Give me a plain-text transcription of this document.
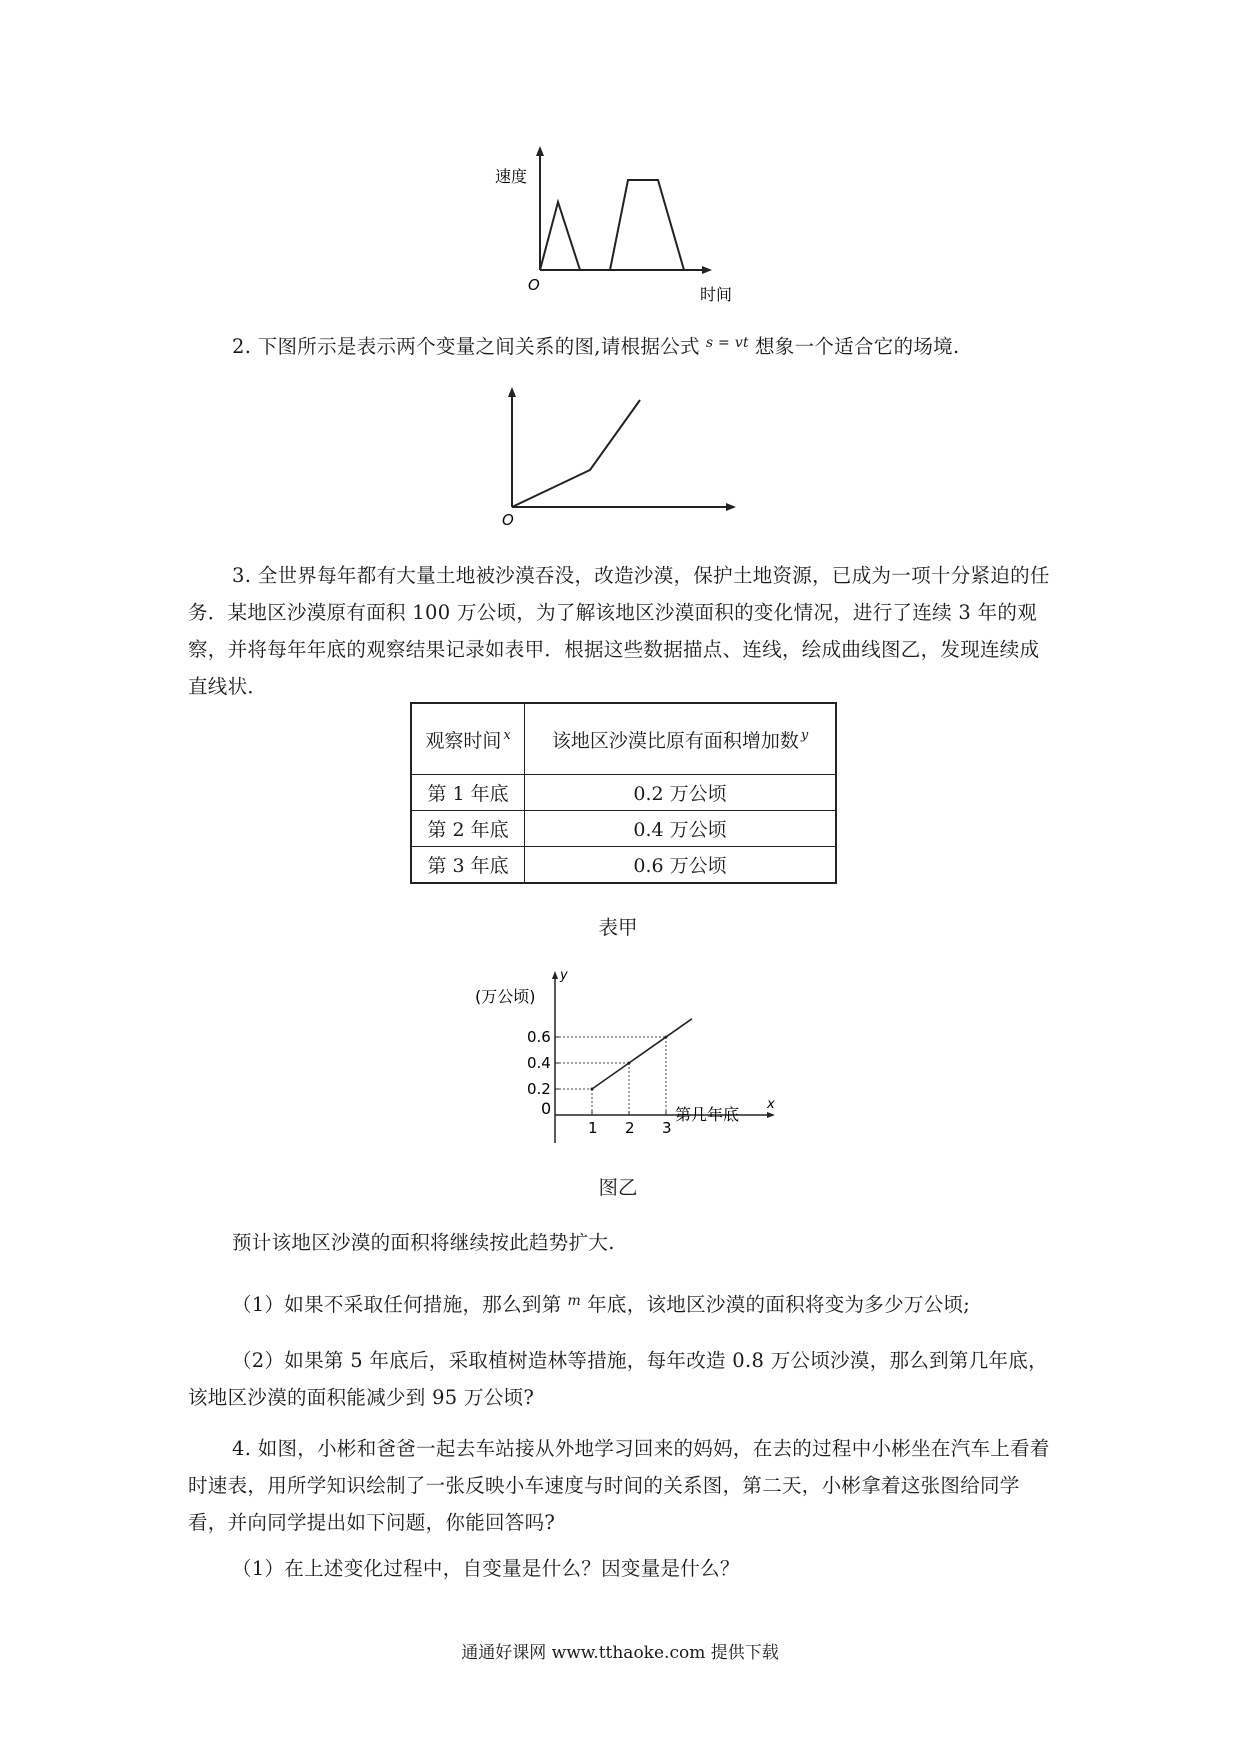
速度
O	时间
2. 下图所示是表示两个变量之间关系的图,请根据公式 $^{s = vt}$ 想象一个适合它的场境.
O
3. 全世界每年都有大量土地被沙漠吞没，改造沙漠，保护土地资源，已成为一项十分紧迫的任务．某地区沙漠原有面积 100 万公顷，为了解该地区沙漠面积的变化情况，进行了连续 3 年的观察，并将每年年底的观察结果记录如表甲．根据这些数据描点、连线，绘成曲线图乙，发现连续成直线状．
观察时间 $^x$	该地区沙漠比原有面积增加数 $^y$
第 1 年底	0.2 万公顷
第 2 年底	0.4 万公顷
第 3 年底	0.6 万公顷
表甲
y
x
(万公顷)
0	第几年底
1 2 3
0.2
0.4
0.6
图乙
预计该地区沙漠的面积将继续按此趋势扩大.
（1）如果不采取任何措施，那么到第 $^m$ 年底，该地区沙漠的面积将变为多少万公顷;
（2）如果第 5 年底后，采取植树造林等措施，每年改造 0.8 万公顷沙漠，那么到第几年底，该地区沙漠的面积能减少到 95 万公顷?
4. 如图，小彬和爸爸一起去车站接从外地学习回来的妈妈，在去的过程中小彬坐在汽车上看着时速表，用所学知识绘制了一张反映小车速度与时间的关系图，第二天，小彬拿着这张图给同学看，并向同学提出如下问题，你能回答吗?
（1）在上述变化过程中，自变量是什么？因变量是什么？
通通好课网 www.tthaoke.com 提供下载
